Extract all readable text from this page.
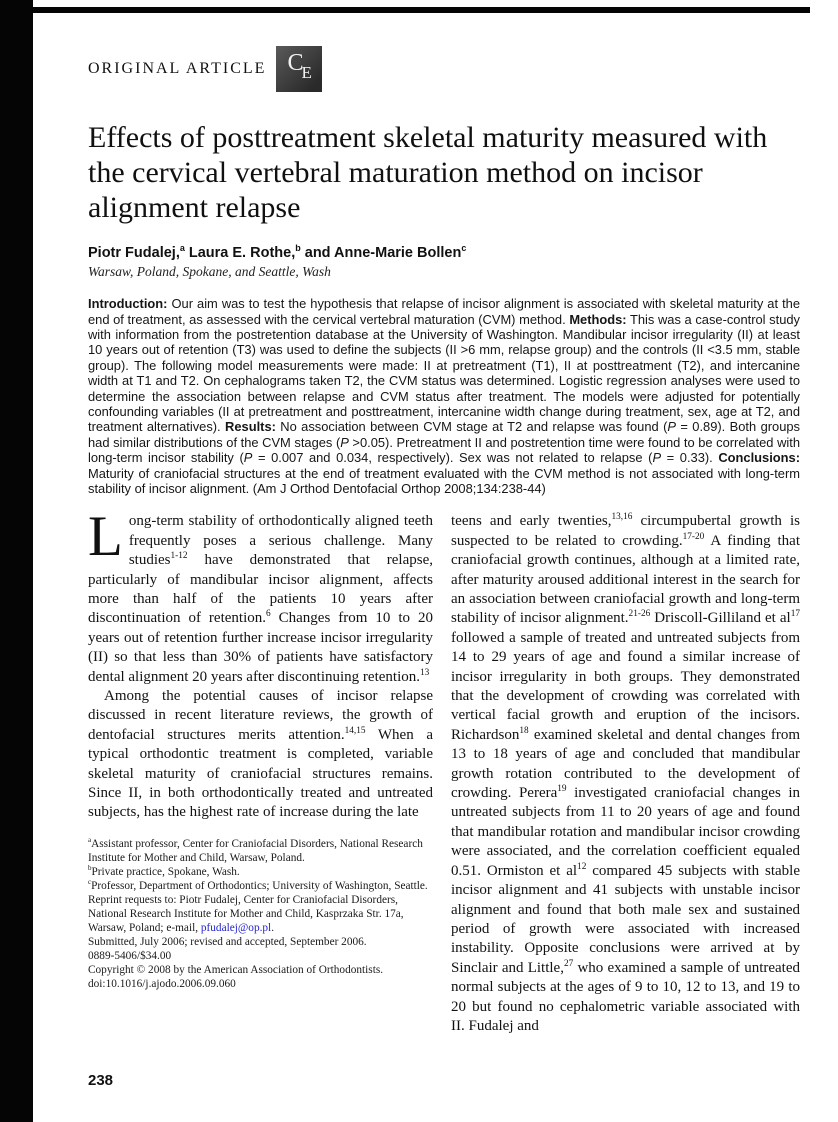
ORIGINAL ARTICLE C
E
Effects of posttreatment skeletal maturity measured with the cervical vertebral maturation method on incisor alignment relapse
Piotr Fudalej,$^a$ Laura E. Rothe,$^b$ and Anne-Marie Bollen$^c$
Warsaw, Poland, Spokane, and Seattle, Wash
Introduction: Our aim was to test the hypothesis that relapse of incisor alignment is associated with skeletal maturity at the end of treatment, as assessed with the cervical vertebral maturation (CVM) method. Methods: This was a case-control study with information from the postretention database at the University of Washington. Mandibular incisor irregularity (II) at least 10 years out of retention (T3) was used to define the subjects (II >6 mm, relapse group) and the controls (II <3.5 mm, stable group). The following model measurements were made: II at pretreatment (T1), II at posttreatment (T2), and intercanine width at T1 and T2. On cephalograms taken T2, the CVM status was determined. Logistic regression analyses were used to determine the association between relapse and CVM status after treatment. The models were adjusted for potentially confounding variables (II at pretreatment and posttreatment, intercanine width change during treatment, sex, age at T2, and treatment alternatives). Results: No association between CVM stage at T2 and relapse was found (P = 0.89). Both groups had similar distributions of the CVM stages (P >0.05). Pretreatment II and postretention time were found to be correlated with long-term incisor stability (P = 0.007 and 0.034, respectively). Sex was not related to relapse (P = 0.33). Conclusions: Maturity of craniofacial structures at the end of treatment evaluated with the CVM method is not associated with long-term stability of incisor alignment. (Am J Orthod Dentofacial Orthop 2008;134:238-44)

Long-term stability of orthodontically aligned teeth frequently poses a serious challenge. Many studies$^{1-12}$ have demonstrated that relapse, particularly of mandibular incisor alignment, affects more than half of the patients 10 years after discontinuation of retention.$^6$ Changes from 10 to 20 years out of retention further increase incisor irregularity (II) so that less than 30% of patients have satisfactory dental alignment 20 years after discontinuing retention.$^{13}$

Among the potential causes of incisor relapse discussed in recent literature reviews, the growth of dentofacial structures merits attention.$^{14,15}$ When a typical orthodontic treatment is completed, variable skeletal maturity of craniofacial structures remains. Since II, in both orthodontically treated and untreated subjects, has the highest rate of increase during the late

$^a$Assistant professor, Center for Craniofacial Disorders, National Research Institute for Mother and Child, Warsaw, Poland.

$^b$Private practice, Spokane, Wash.

$^c$Professor, Department of Orthodontics; University of Washington, Seattle.

Reprint requests to: Piotr Fudalej, Center for Craniofacial Disorders, National Research Institute for Mother and Child, Kasprzaka Str. 17a, Warsaw, Poland; e-mail, pfudalej@op.pl.

Submitted, July 2006; revised and accepted, September 2006.

0889-5406/$34.00

Copyright © 2008 by the American Association of Orthodontists.

doi:10.1016/j.ajodo.2006.09.060

teens and early twenties,$^{13,16}$ circumpubertal growth is suspected to be related to crowding.$^{17-20}$ A finding that craniofacial growth continues, although at a limited rate, after maturity aroused additional interest in the search for an association between craniofacial growth and long-term stability of incisor alignment.$^{21-26}$ Driscoll-Gilliland et $al^{17}$ followed a sample of treated and untreated subjects from 14 to 29 years of age and found a similar increase of incisor irregularity in both groups. They demonstrated that the development of crowding was correlated with vertical facial growth and eruption of the incisors. Richardson$^{18}$ examined skeletal and dental changes from 13 to 18 years of age and concluded that mandibular growth rotation contributed to the development of crowding. Perera$^{19}$ investigated craniofacial changes in untreated subjects from 11 to 20 years of age and found that mandibular rotation and mandibular incisor crowding were associated, and the correlation coefficient equaled 0.51. Ormiston et $al^{12}$ compared 45 subjects with stable incisor alignment and 41 subjects with unstable incisor alignment and found that both male sex and sustained period of growth were associated with increased instability. Opposite conclusions were arrived at by Sinclair and Little,$^{27}$ who examined a sample of untreated normal subjects at the ages of 9 to 10, 12 to 13, and 19 to 20 but found no cephalometric variable associated with II. Fudalej and

238
